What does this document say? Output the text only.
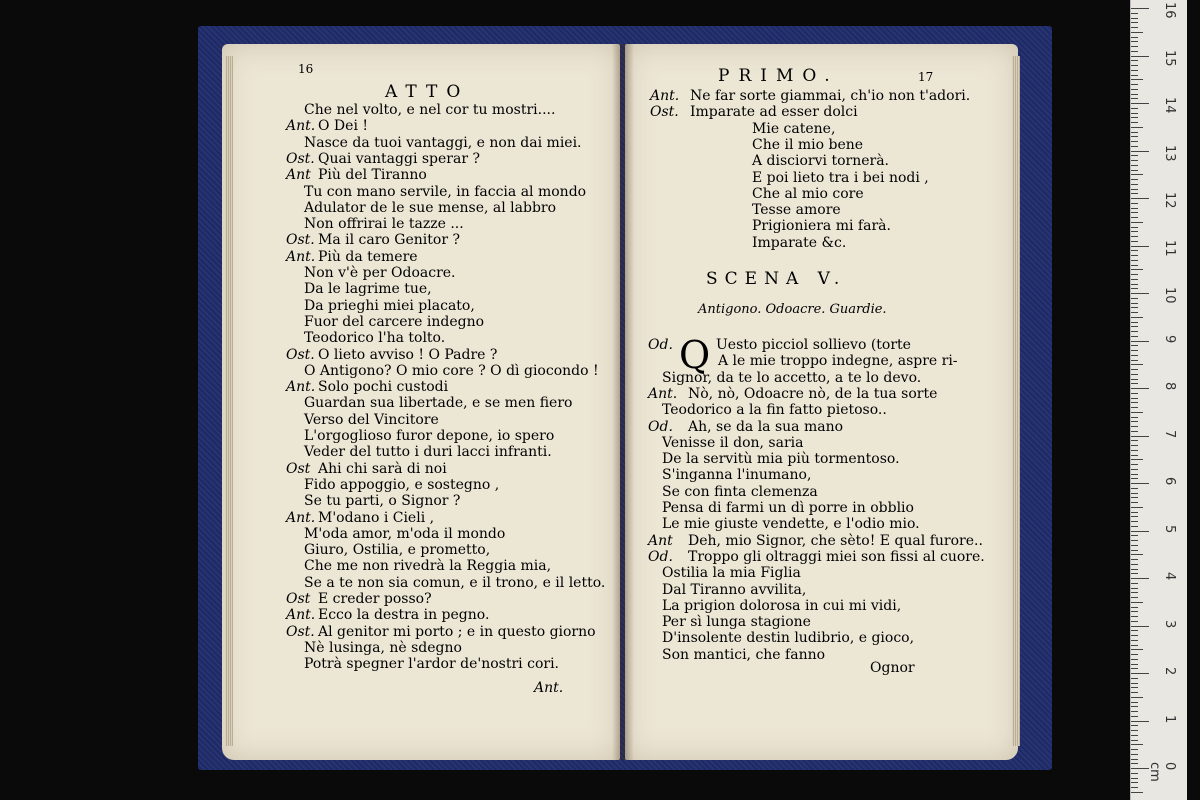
16
ATTO
Che nel volto, e nel cor tu mostri....
Ant. O Dei !
Nasce da tuoi vantaggi, e non dai miei.
Ost. Quai vantaggi sperar ?
Ant Più del Tiranno
Tu con mano servile, in faccia al mondo
Adulator de le sue mense, al labbro
Non offrirai le tazze ...
Ost. Ma il caro Genitor ?
Ant. Più da temere
Non v'è per Odoacre.
Da le lagrime tue,
Da prieghi miei placato,
Fuor del carcere indegno
Teodorico l'ha tolto.
Ost. O lieto avviso ! O Padre ?
O Antigono? O mio core ? O dì giocondo !
Ant. Solo pochi custodi
Guardan sua libertade, e se men fiero
Verso del Vincitore
L'orgoglioso furor depone, io spero
Veder del tutto i duri lacci infranti.
Ost Ahi chi sarà di noi
Fido appoggio, e sostegno ,
Se tu parti, o Signor ?
Ant. M'odano i Cieli ,
M'oda amor, m'oda il mondo
Giuro, Ostilia, e prometto,
Che me non rivedrà la Reggia mia,
Se a te non sia comun, e il trono, e il letto.
Ost E creder posso?
Ant. Ecco la destra in pegno.
Ost. Al genitor mi porto ; e in questo giorno
Nè lusinga, nè sdegno
Potrà spegner l'ardor de'nostri cori.
Ant.
PRIMO.	17
Ant. Ne far sorte giammai, ch'io non t'adori.
Ost. Imparate ad esser dolci
Mie catene,
Che il mio bene
A disciorvi tornerà.
E poi lieto tra i bei nodi ,
Che al mio core
Tesse amore
Prigioniera mi farà.
Imparate &c.
SCENA V.
Antigono. Odoacre. Guardie.
Q
Od.	Uesto picciol sollievo (torte
A le mie troppo indegne, aspre ri-
Signor, da te lo accetto, a te lo devo.
Ant. Nò, nò, Odoacre nò, de la tua sorte
Teodorico a la fin fatto pietoso..
Od. Ah, se da la sua mano
Venisse il don, saria
De la servitù mia più tormentoso.
S'inganna l'inumano,
Se con finta clemenza
Pensa di farmi un dì porre in obblio
Le mie giuste vendette, e l'odio mio.
Ant Deh, mio Signor, che sèto! E qual furore..
Od. Troppo gli oltraggi miei son fissi al cuore.
Ostilia la mia Figlia
Dal Tiranno avvilita,
La prigion dolorosa in cui mi vidi,
Per sì lunga stagione
D'insolente destin ludibrio, e gioco,
Son mantici, che fanno
Ognor
16
15
14
13
12
11
10
9
8
7
6
5
4
3
2
1
0 cm
